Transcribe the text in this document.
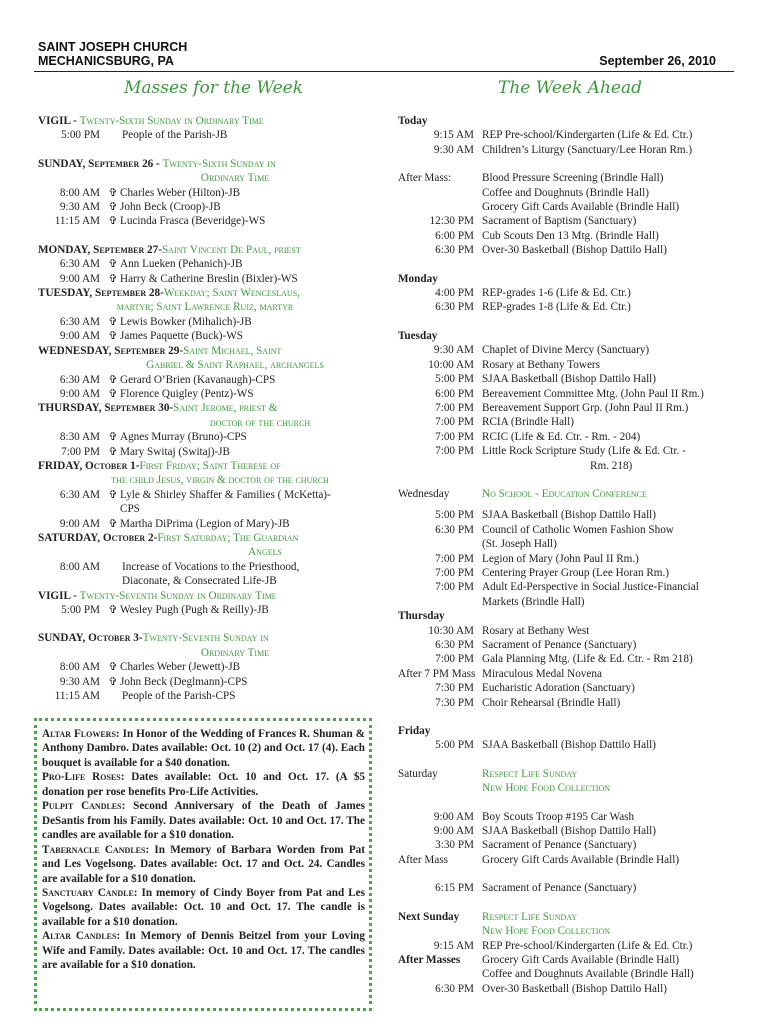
SAINT JOSEPH CHURCH
MECHANICSBURG, PA	September 26, 2010
Masses for the Week	The Week Ahead
VIGIL - Twenty-Sixth Sunday in Ordinary Time
5:00 PM	People of the Parish-JB
SUNDAY, September 26 - Twenty-Sixth Sunday in
Ordinary Time
8:00 AM ✞ Charles Weber (Hilton)-JB
9:30 AM ✞ John Beck (Croop)-JB
11:15 AM ✞ Lucinda Frasca (Beveridge)-WS
MONDAY, September 27-Saint Vincent De Paul, priest
6:30 AM ✞ Ann Lueken (Pehanich)-JB
9:00 AM ✞ Harry & Catherine Breslin (Bixler)-WS
TUESDAY, September 28-Weekday; Saint Wenceslaus,
martyr; Saint Lawrence Ruiz, martyr
6:30 AM ✞ Lewis Bowker (Mihalich)-JB
9:00 AM ✞ James Paquette (Buck)-WS
WEDNESDAY, September 29-Saint Michael, Saint
Gabriel & Saint Raphael, archangels
6:30 AM ✞ Gerard O’Brien (Kavanaugh)-CPS
9:00 AM ✞ Florence Quigley (Pentz)-WS
THURSDAY, September 30-Saint Jerome, priest &
doctor of the church
8:30 AM ✞ Agnes Murray (Bruno)-CPS
7:00 PM ✞ Mary Switaj (Switaj)-JB
FRIDAY, October 1-First Friday; Saint Therese of
the child Jesus, virgin & doctor of the church
6:30 AM ✞ Lyle & Shirley Shaffer & Families ( McKetta)-
CPS
9:00 AM ✞ Martha DiPrima (Legion of Mary)-JB
SATURDAY, October 2-First Saturday; The Guardian
Angels
8:00 AM	Increase of Vocations to the Priesthood,
Diaconate, & Consecrated Life-JB
VIGIL - Twenty-Seventh Sunday in Ordinary Time
5:00 PM ✞ Wesley Pugh (Pugh & Reilly)-JB
SUNDAY, October 3-Twenty-Seventh Sunday in
Ordinary Time
8:00 AM ✞ Charles Weber (Jewett)-JB
9:30 AM ✞ John Beck (Deglmann)-CPS
11:15 AM	People of the Parish-CPS
Altar Flowers: In Honor of the Wedding of Frances R. Shuman & Anthony Dambro. Dates available: Oct. 10 (2) and Oct. 17 (4). Each bouquet is available for a $40 donation.
Pro-Life Roses: Dates available: Oct. 10 and Oct. 17. (A $5 donation per rose benefits Pro-Life Activities.
Pulpit Candles: Second Anniversary of the Death of James DeSantis from his Family. Dates available: Oct. 10 and Oct. 17. The candles are available for a $10 donation.
Tabernacle Candles: In Memory of Barbara Worden from Pat and Les Vogelsong. Dates available: Oct. 17 and Oct. 24. Candles are available for a $10 donation.
Sanctuary Candle: In memory of Cindy Boyer from Pat and Les Vogelsong. Dates available: Oct. 10 and Oct. 17. The candle is available for a $10 donation.
Altar Candles: In Memory of Dennis Beitzel from your Loving Wife and Family. Dates available: Oct. 10 and Oct. 17. The candles are available for a $10 donation.

Today
9:15 AM REP Pre-school/Kindergarten (Life & Ed. Ctr.)
9:30 AM Children’s Liturgy (Sanctuary/Lee Horan Rm.)
After Mass:	Blood Pressure Screening (Brindle Hall)
Coffee and Doughnuts (Brindle Hall)
Grocery Gift Cards Available (Brindle Hall)
12:30 PM Sacrament of Baptism (Sanctuary)
6:00 PM Cub Scouts Den 13 Mtg. (Brindle Hall)
6:30 PM Over-30 Basketball (Bishop Dattilo Hall)
Monday
4:00 PM REP-grades 1-6 (Life & Ed. Ctr.)
6:30 PM REP-grades 1-8 (Life & Ed. Ctr.)
Tuesday
9:30 AM Chaplet of Divine Mercy (Sanctuary)
10:00 AM Rosary at Bethany Towers
5:00 PM SJAA Basketball (Bishop Dattilo Hall)
6:00 PM Bereavement Committee Mtg. (John Paul II Rm.)
7:00 PM Bereavement Support Grp. (John Paul II Rm.)
7:00 PM RCIA (Brindle Hall)
7:00 PM RCIC (Life & Ed. Ctr. - Rm. - 204)
7:00 PM Little Rock Scripture Study (Life & Ed. Ctr. -
Rm. 218)
Wednesday	No School - Education Conference
5:00 PM SJAA Basketball (Bishop Dattilo Hall)
6:30 PM Council of Catholic Women Fashion Show
(St. Joseph Hall)
7:00 PM Legion of Mary (John Paul II Rm.)
7:00 PM Centering Prayer Group (Lee Horan Rm.)
7:00 PM Adult Ed-Perspective in Social Justice-Financial
Markets (Brindle Hall)
Thursday
10:30 AM Rosary at Bethany West
6:30 PM Sacrament of Penance (Sanctuary)
7:00 PM Gala Planning Mtg. (Life & Ed. Ctr. - Rm 218)
After 7 PM Mass Miraculous Medal Novena
7:30 PM Eucharistic Adoration (Sanctuary)
7:30 PM Choir Rehearsal (Brindle Hall)
Friday
5:00 PM SJAA Basketball (Bishop Dattilo Hall)
Saturday	Respect Life Sunday
New Hope Food Collection
9:00 AM Boy Scouts Troop #195 Car Wash
9:00 AM SJAA Basketball (Bishop Dattilo Hall)
3:30 PM Sacrament of Penance (Sanctuary)
After Mass	Grocery Gift Cards Available (Brindle Hall)
6:15 PM Sacrament of Penance (Sanctuary)
Next Sunday	Respect Life Sunday
New Hope Food Collection
9:15 AM REP Pre-school/Kindergarten (Life & Ed. Ctr.)
After Masses	Grocery Gift Cards Available (Brindle Hall)
Coffee and Doughnuts Available (Brindle Hall)
6:30 PM Over-30 Basketball (Bishop Dattilo Hall)
